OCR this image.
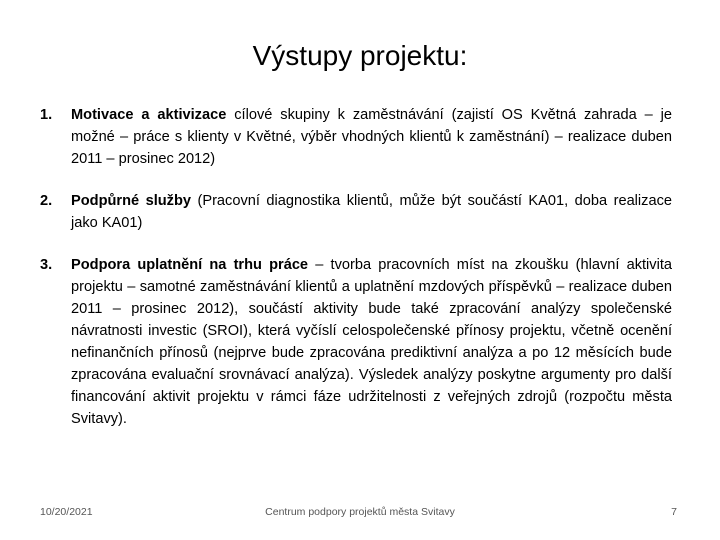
Výstupy projektu:
1. Motivace a aktivizace cílové skupiny k zaměstnávání (zajistí OS Květná zahrada – je možné – práce s klienty v Květné, výběr vhodných klientů k zaměstnání) – realizace duben 2011 – prosinec 2012)
2. Podpůrné služby (Pracovní diagnostika klientů, může být součástí KA01, doba realizace jako KA01)
3. Podpora uplatnění na trhu práce – tvorba pracovních míst na zkoušku (hlavní aktivita projektu – samotné zaměstnávání klientů a uplatnění mzdových příspěvků – realizace duben 2011 – prosinec 2012), součástí aktivity bude také zpracování analýzy společenské návratnosti investic (SROI), která vyčíslí celospolečenské přínosy projektu, včetně ocenění nefinančních přínosů (nejprve bude zpracována prediktivní analýza a po 12 měsících bude zpracována evaluační srovnávací analýza). Výsledek analýzy poskytne argumenty pro další financování aktivit projektu v rámci fáze udržitelnosti z veřejných zdrojů (rozpočtu města Svitavy).
10/20/2021	Centrum podpory projektů města Svitavy	7
